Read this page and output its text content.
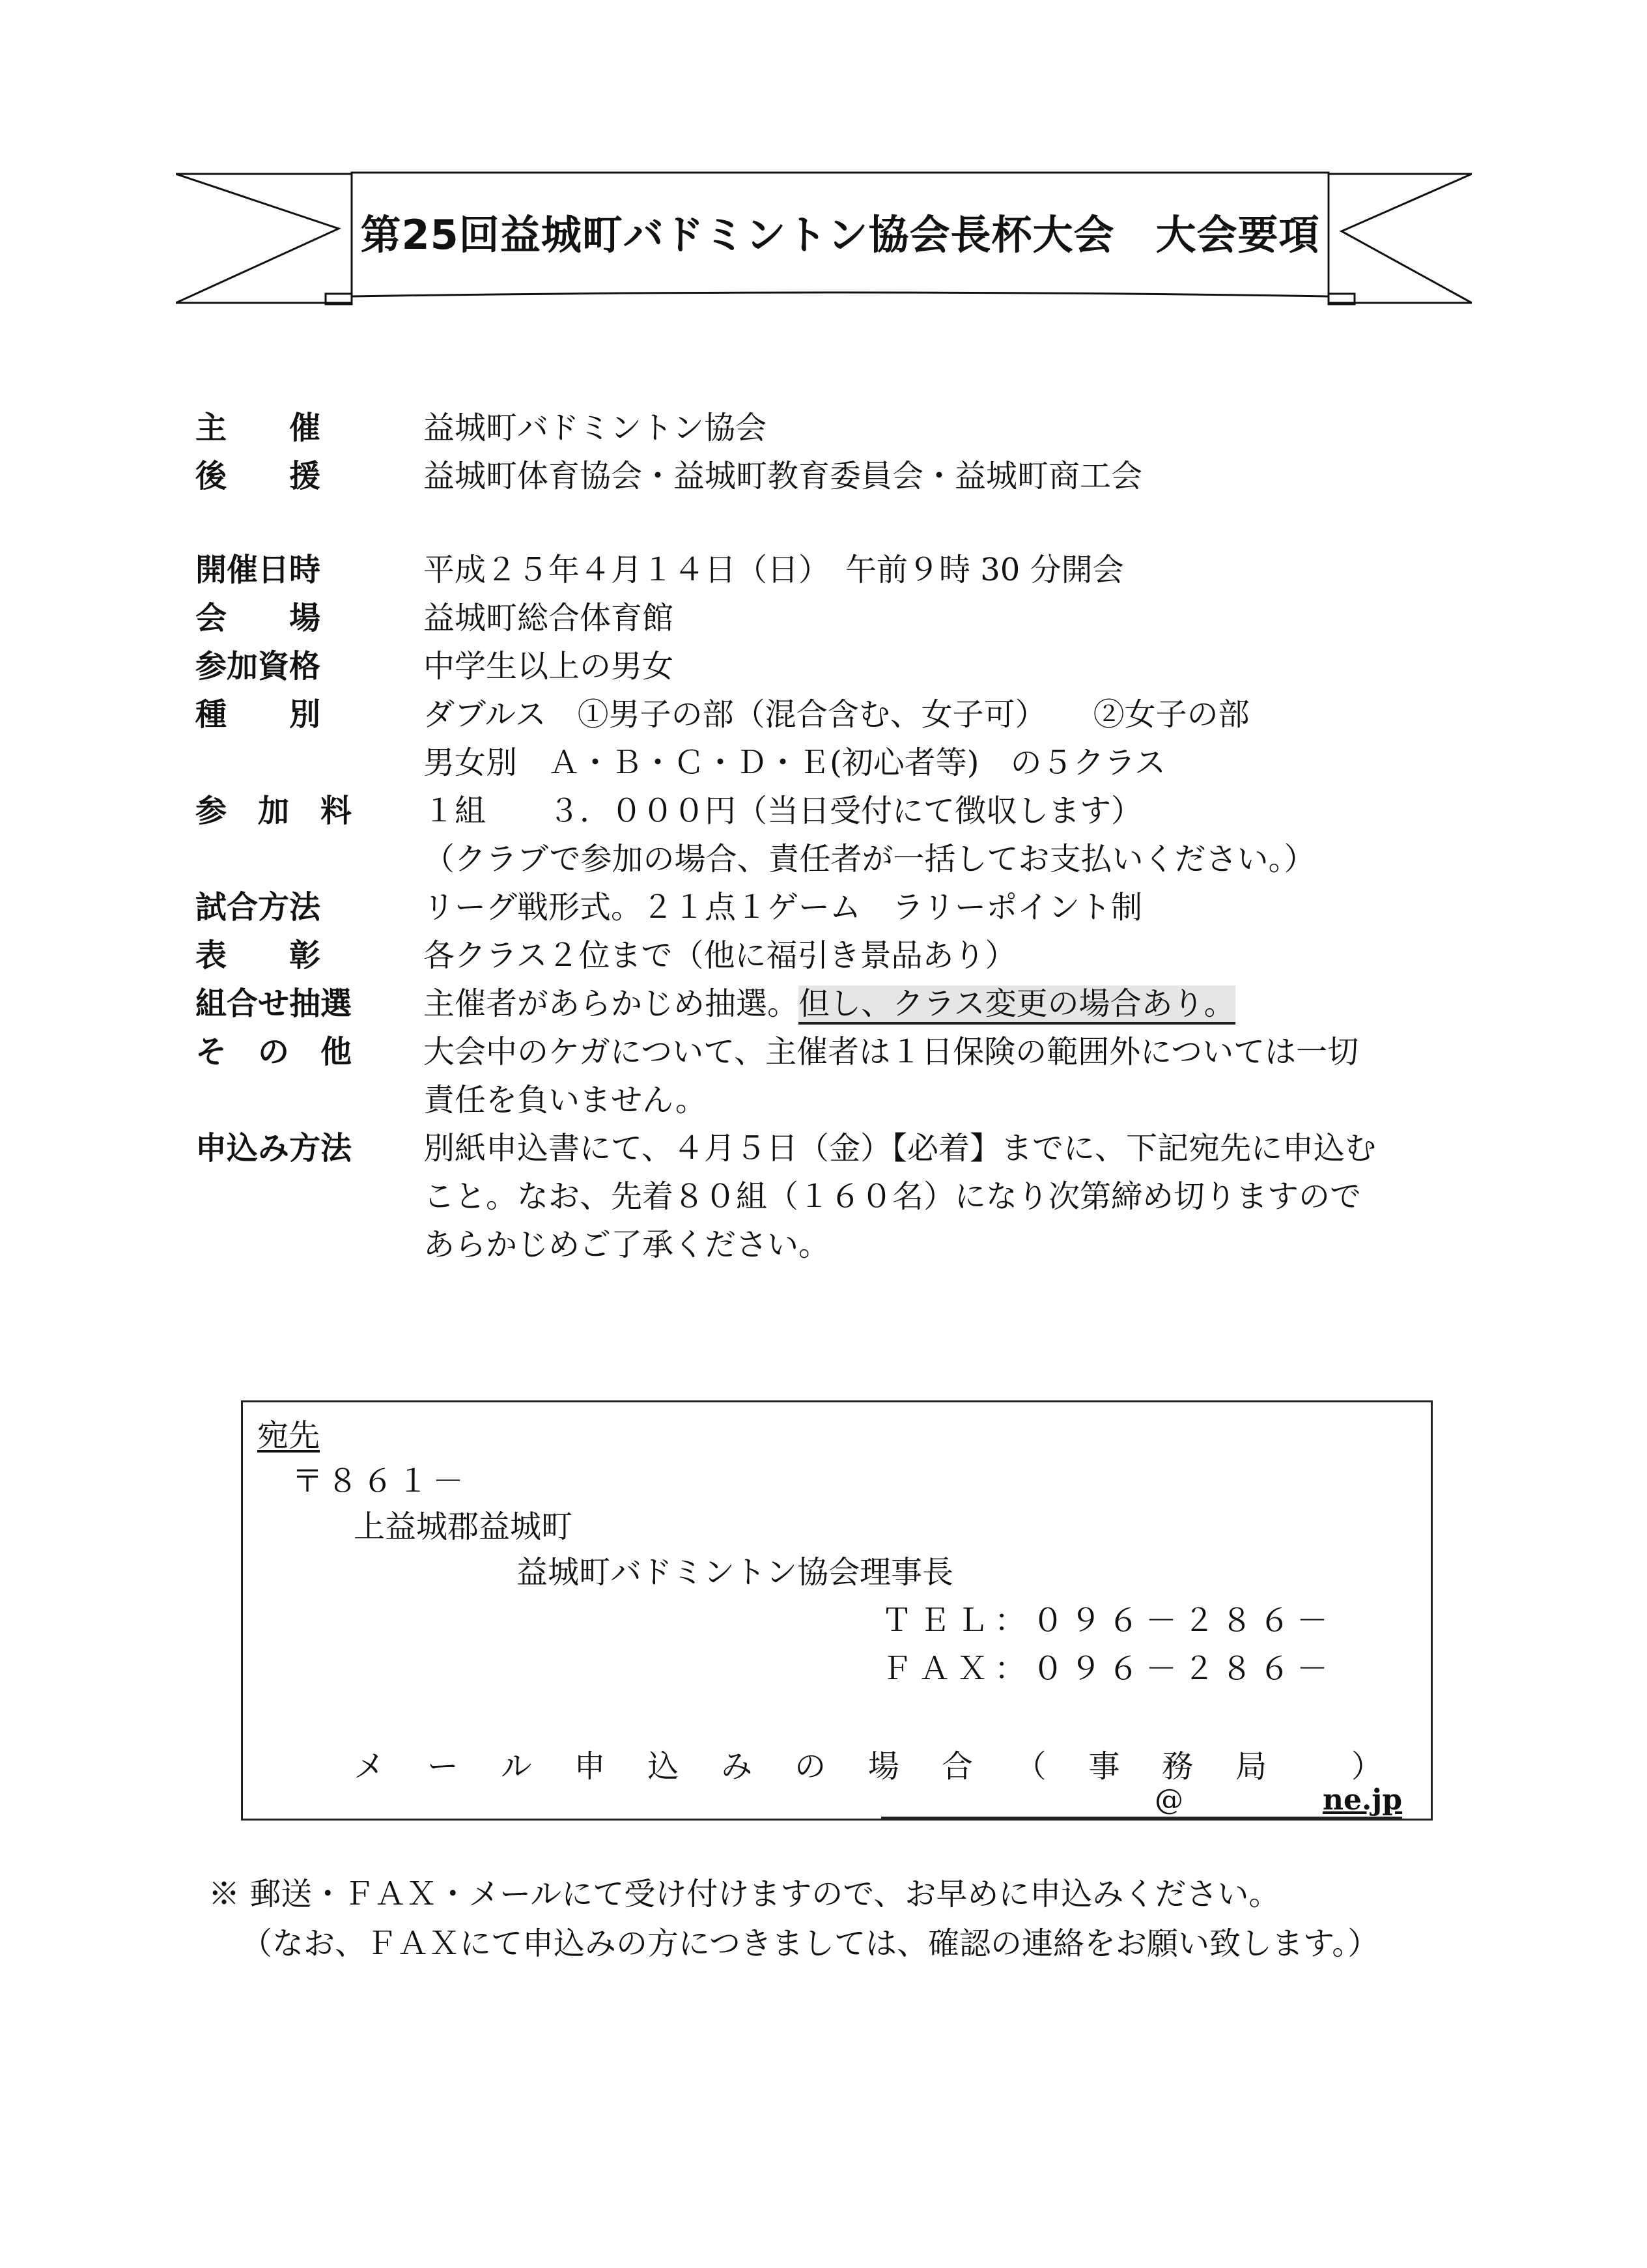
第25回益城町バドミントン協会長杯大会　大会要項
主　　催	益城町バドミントン協会
後　　援	益城町体育協会・益城町教育委員会・益城町商工会
開催日時	平成２５年４月１４日（日）　午前９時 30 分開会
会　　場	益城町総合体育館
参加資格	中学生以上の男女
種　　別	ダブルス　①男子の部（混合含む、女子可）　　②女子の部
男女別　Ａ・Ｂ・Ｃ・Ｄ・Ｅ(初心者等)　の５クラス
参　加　料	１組　　３．０００円（当日受付にて徴収します）
（クラブで参加の場合、責任者が一括してお支払いください。）
試合方法	リーグ戦形式。２１点１ゲーム　ラリーポイント制
表　　彰	各クラス２位まで（他に福引き景品あり）
組合せ抽選	主催者があらかじめ抽選。但し、クラス変更の場合あり。
そ　の　他	大会中のケガについて、主催者は１日保険の範囲外については一切
責任を負いません。
申込み方法	別紙申込書にて、４月５日（金）【必着】までに、下記宛先に申込む
こと。なお、先着８０組（１６０名）になり次第締め切りますので
あらかじめご了承ください。
宛先
〒８６１－
上益城郡益城町
益城町バドミントン協会理事長
ＴＥＬ：０９６－２８６－
ＦＡＸ：０９６－２８６－
メ ー ル 申 込 み の 場 合 （ 事 務 局	）
@	ne.jp
※ 郵送・ＦＡＸ・メールにて受け付けますので、お早めに申込みください。
（なお、ＦＡＸにて申込みの方につきましては、確認の連絡をお願い致します。）
